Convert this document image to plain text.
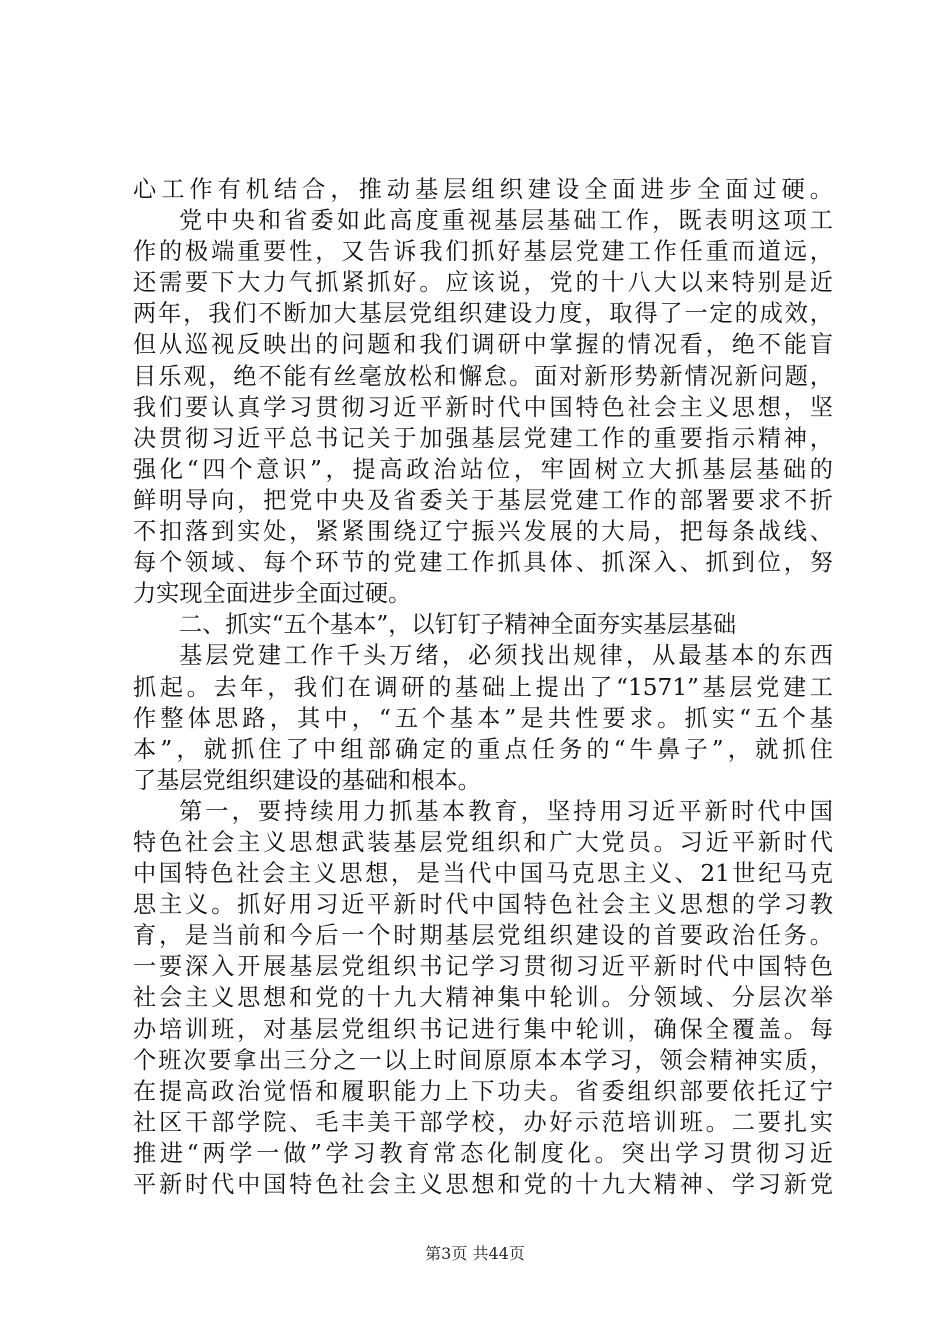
心工作有机结合，推动基层组织建设全面进步全面过硬。
党中央和省委如此高度重视基层基础工作，既表明这项工
作的极端重要性，又告诉我们抓好基层党建工作任重而道远，
还需要下大力气抓紧抓好。应该说，党的十八大以来特别是近
两年，我们不断加大基层党组织建设力度，取得了一定的成效，
但从巡视反映出的问题和我们调研中掌握的情况看，绝不能盲
目乐观，绝不能有丝毫放松和懈怠。面对新形势新情况新问题，
我们要认真学习贯彻习近平新时代中国特色社会主义思想，坚
决贯彻习近平总书记关于加强基层党建工作的重要指示精神，
强化“四个意识”，提高政治站位，牢固树立大抓基层基础的
鲜明导向，把党中央及省委关于基层党建工作的部署要求不折
不扣落到实处，紧紧围绕辽宁振兴发展的大局，把每条战线、
每个领域、每个环节的党建工作抓具体、抓深入、抓到位，努
力实现全面进步全面过硬。
二、抓实“五个基本”，以钉钉子精神全面夯实基层基础
基层党建工作千头万绪，必须找出规律，从最基本的东西
抓起。去年，我们在调研的基础上提出了“1571”基层党建工
作整体思路，其中，“五个基本”是共性要求。抓实“五个基
本”，就抓住了中组部确定的重点任务的“牛鼻子”，就抓住
了基层党组织建设的基础和根本。
第一，要持续用力抓基本教育，坚持用习近平新时代中国
特色社会主义思想武装基层党组织和广大党员。习近平新时代
中国特色社会主义思想，是当代中国马克思主义、21世纪马克
思主义。抓好用习近平新时代中国特色社会主义思想的学习教
育，是当前和今后一个时期基层党组织建设的首要政治任务。
一要深入开展基层党组织书记学习贯彻习近平新时代中国特色
社会主义思想和党的十九大精神集中轮训。分领域、分层次举
办培训班，对基层党组织书记进行集中轮训，确保全覆盖。每
个班次要拿出三分之一以上时间原原本本学习，领会精神实质，
在提高政治觉悟和履职能力上下功夫。省委组织部要依托辽宁
社区干部学院、毛丰美干部学校，办好示范培训班。二要扎实
推进“两学一做”学习教育常态化制度化。突出学习贯彻习近
平新时代中国特色社会主义思想和党的十九大精神、学习新党
第3页 共44页
